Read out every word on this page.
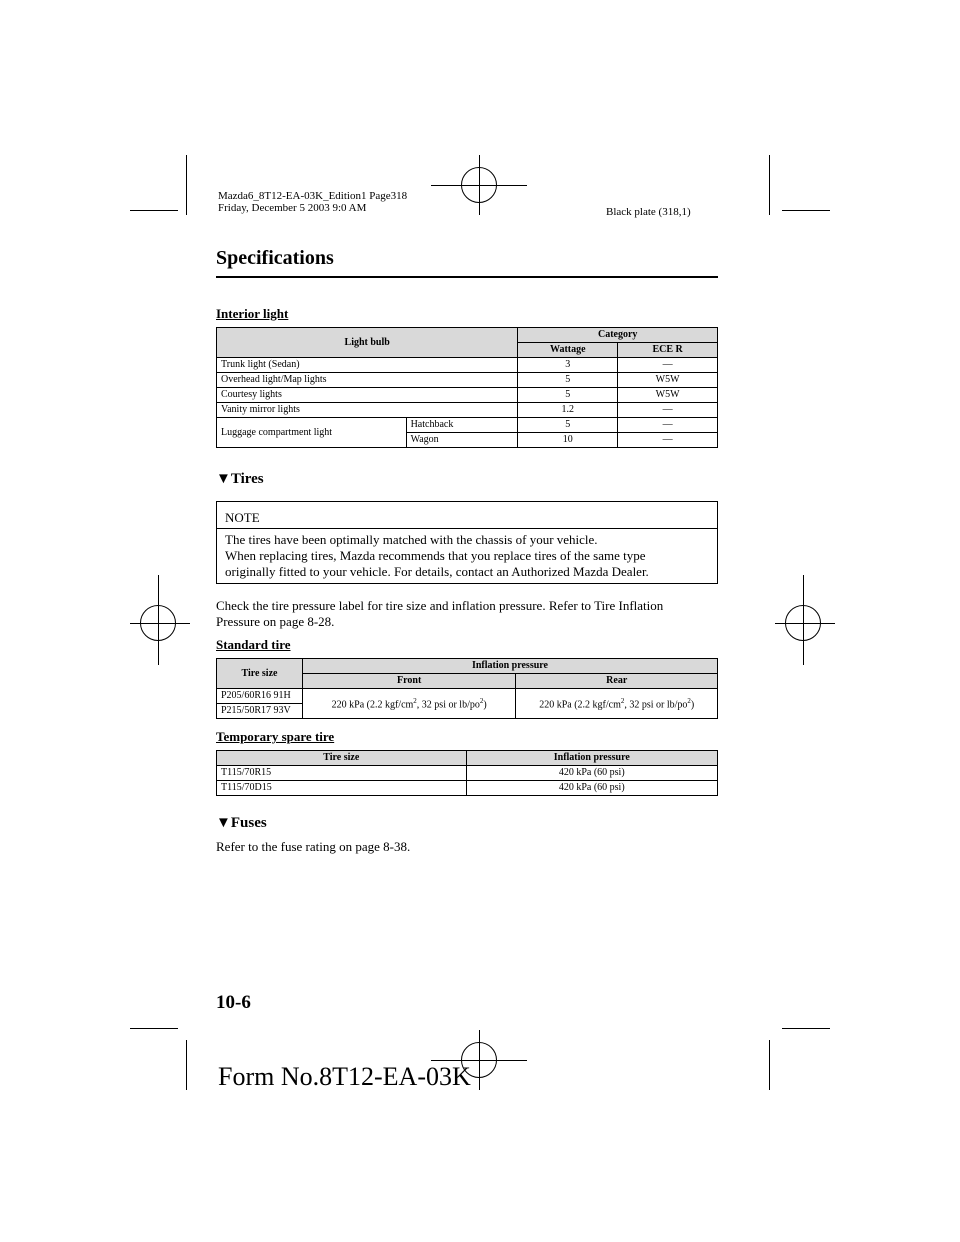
Mazda6_8T12-EA-03K_Edition1 Page318
Friday, December 5 2003 9:0 AM	Black plate (318,1)
Specifications
Interior light
Light bulb		Category	
		Wattage	ECE R
Trunk light (Sedan)		3	—
Overhead light/Map lights		5	W5W
Courtesy lights		5	W5W
Vanity mirror lights		1.2	—
Luggage compartment light	Hatchback	5	—
	Wagon	10	—
▼Tires
NOTE
The tires have been optimally matched with the chassis of your vehicle.
When replacing tires, Mazda recommends that you replace tires of the same type
originally fitted to your vehicle. For details, contact an Authorized Mazda Dealer.
Check the tire pressure label for tire size and inflation pressure. Refer to Tire Inflation
Pressure on page 8-28.
Standard tire
Tire size	Inflation pressure	
	Front	Rear
P205/60R16 91H	220 kPa (2.2 kgf/$cm^2$, 32 psi or $lb/po^2$)	220 kPa (2.2 kgf/$cm^2$, 32 psi or $lb/po^2$)
P215/50R17 93V		
Temporary spare tire
Tire size	Inflation pressure
T115/70R15	420 kPa (60 psi)
T115/70D15	420 kPa (60 psi)
▼Fuses
Refer to the fuse rating on page 8-38.
10-6
Form No.8T12-EA-03K
